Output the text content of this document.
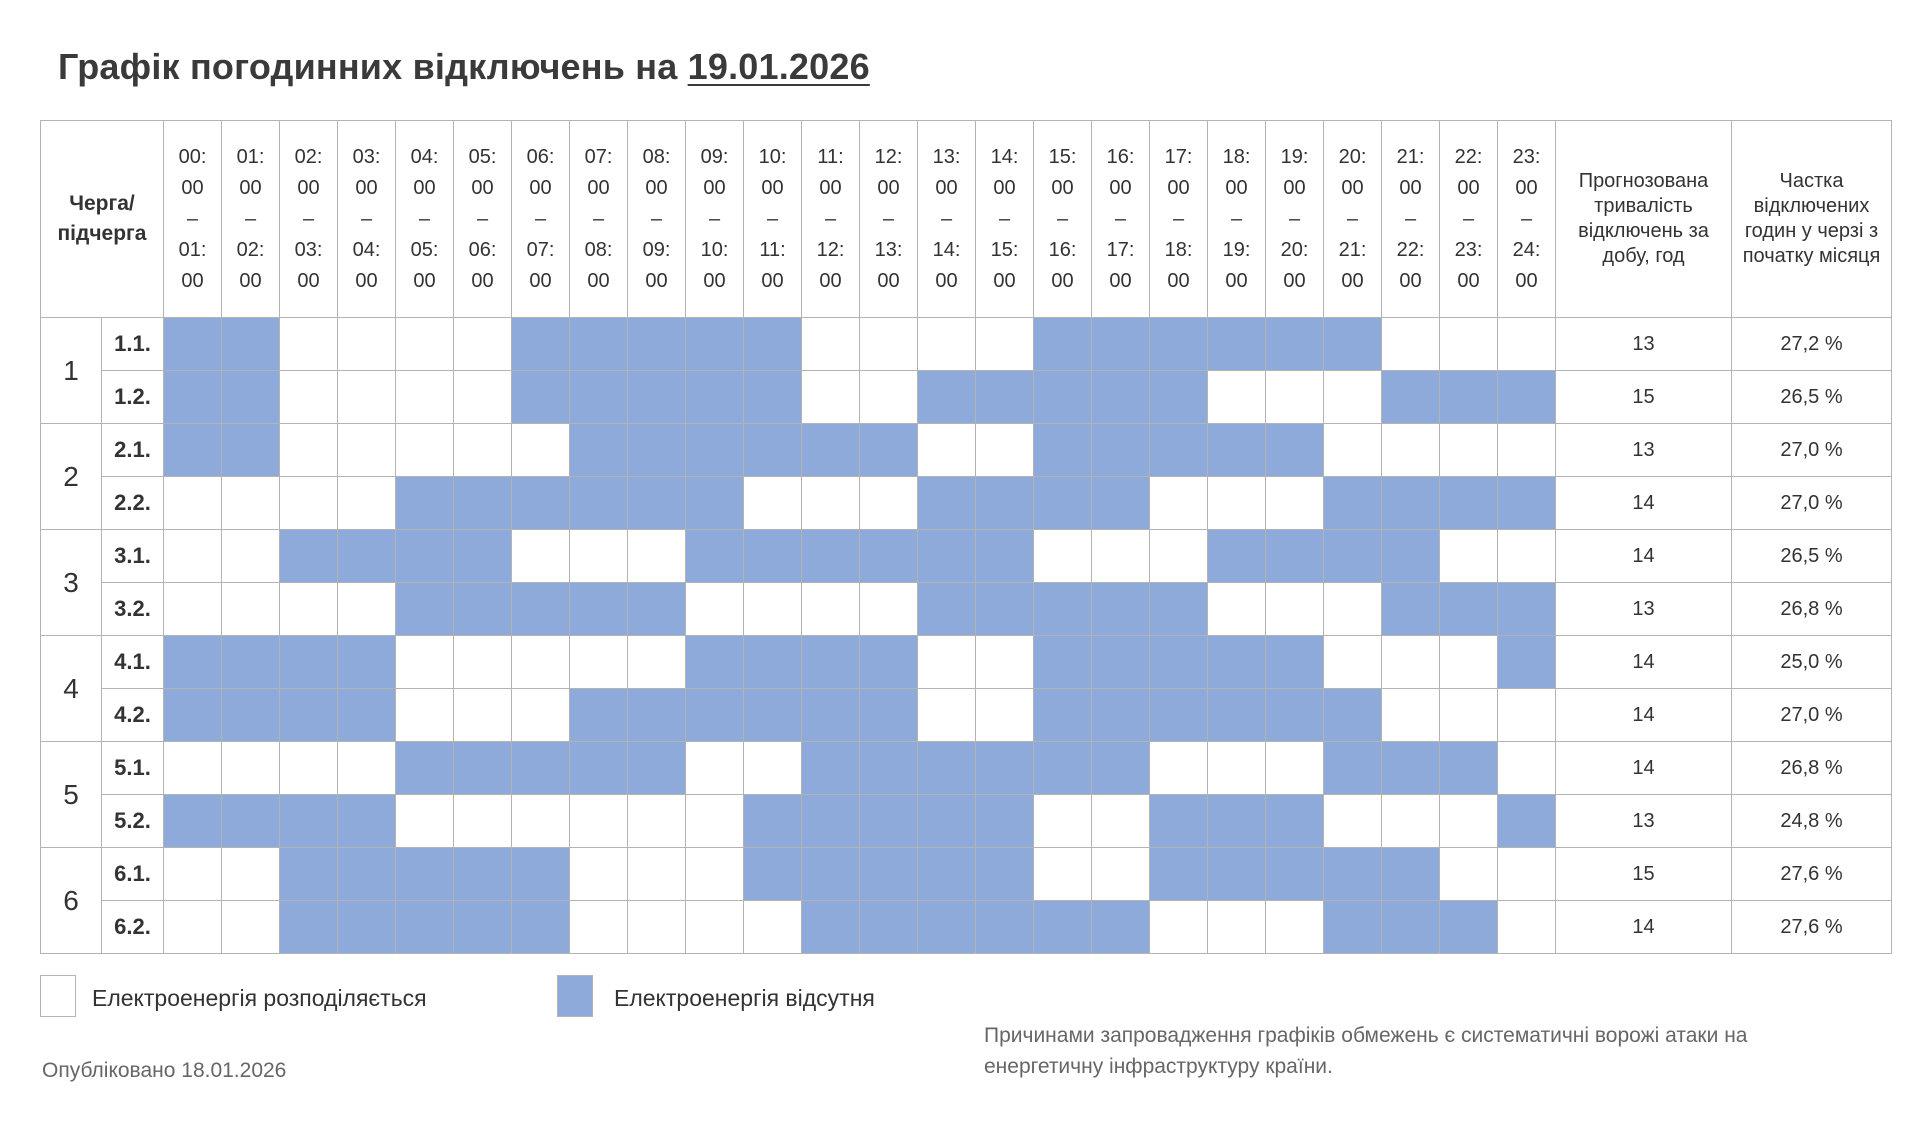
Графік погодинних відключень на 19.01.2026
Черга/ підчерга		00:
00
–
01:
00	01:
00
–
02:
00	02:
00
–
03:
00	03:
00
–
04:
00	04:
00
–
05:
00	05:
00
–
06:
00	06:
00
–
07:
00	07:
00
–
08:
00	08:
00
–
09:
00	09:
00
–
10:
00	10:
00
–
11:
00	11:
00
–
12:
00	12:
00
–
13:
00	13:
00
–
14:
00	14:
00
–
15:
00	15:
00
–
16:
00	16:
00
–
17:
00	17:
00
–
18:
00	18:
00
–
19:
00	19:
00
–
20:
00	20:
00
–
21:
00	21:
00
–
22:
00	22:
00
–
23:
00	23:
00
–
24:
00	Прогнозована тривалість відключень за добу, год	Частка відключених годин у черзі з початку місяця
1	1.1.																									13	27,2 %
	1.2.																									15	26,5 %
2	2.1.																									13	27,0 %
	2.2.																									14	27,0 %
3	3.1.																									14	26,5 %
	3.2.																									13	26,8 %
4	4.1.																									14	25,0 %
	4.2.																									14	27,0 %
5	5.1.																									14	26,8 %
	5.2.																									13	24,8 %
6	6.1.																									15	27,6 %
	6.2.																									14	27,6 %
Електроенергія розподіляється	Електроенергія відсутня
Опубліковано 18.01.2026
Причинами запровадження графіків обмежень є систематичні ворожі атаки на енергетичну інфраструктуру країни.
